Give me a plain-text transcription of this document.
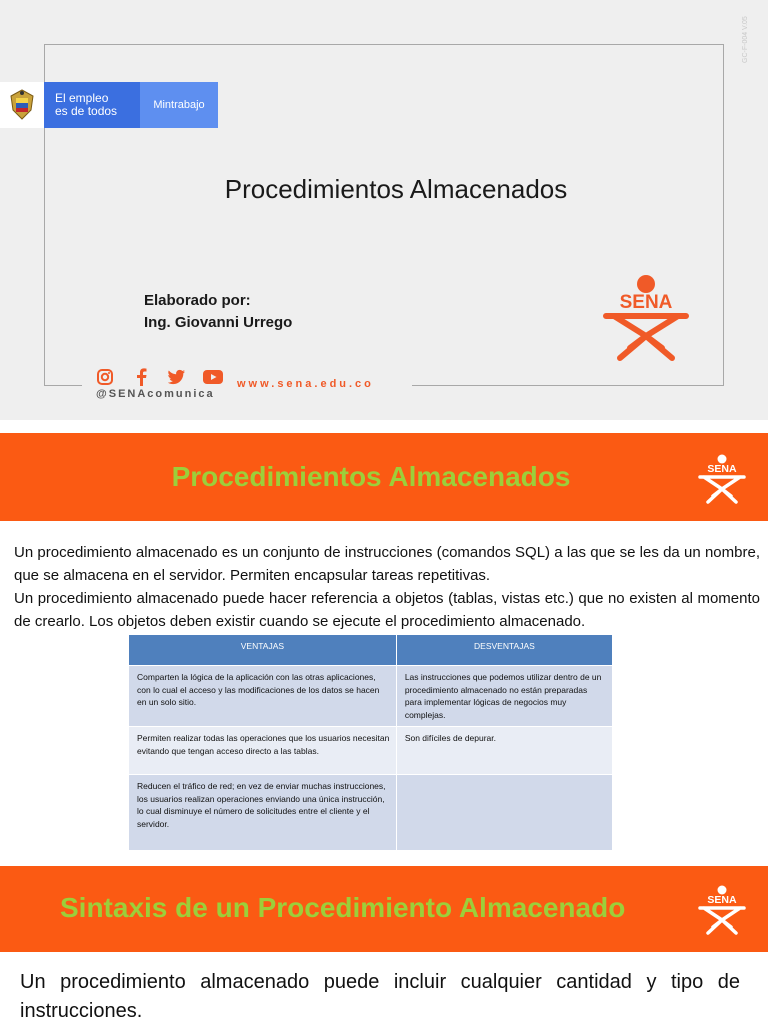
GC-F-004 V.05
El empleo
es de todos	Mintrabajo
Procedimientos Almacenados
Elaborado por:
Ing. Giovanni Urrego
SENA
@SENAcomunica
www.sena.edu.co
Procedimientos Almacenados	SENA

Un procedimiento almacenado es un conjunto de instrucciones (comandos SQL) a las que se les da un nombre, que se almacena en el servidor. Permiten encapsular tareas repetitivas.

Un procedimiento almacenado puede hacer referencia a objetos (tablas, vistas etc.) que no existen al momento de crearlo. Los objetos deben existir cuando se ejecute el procedimiento almacenado.

VENTAJAS	DESVENTAJAS
Comparten la lógica de la aplicación con las otras aplicaciones, con lo cual el acceso y las modificaciones de los datos se hacen en un solo sitio.	Las instrucciones que podemos utilizar dentro de un procedimiento almacenado no están preparadas para implementar lógicas de negocios muy complejas.
Permiten realizar todas las operaciones que los usuarios necesitan evitando que tengan acceso directo a las tablas.	Son difíciles de depurar.
Reducen el tráfico de red; en vez de enviar muchas instrucciones, los usuarios realizan operaciones enviando una única instrucción, lo cual disminuye el número de solicitudes entre el cliente y el servidor.	
Sintaxis de un Procedimiento Almacenado	SENA
Un procedimiento almacenado puede incluir cualquier cantidad y tipo de instrucciones.
